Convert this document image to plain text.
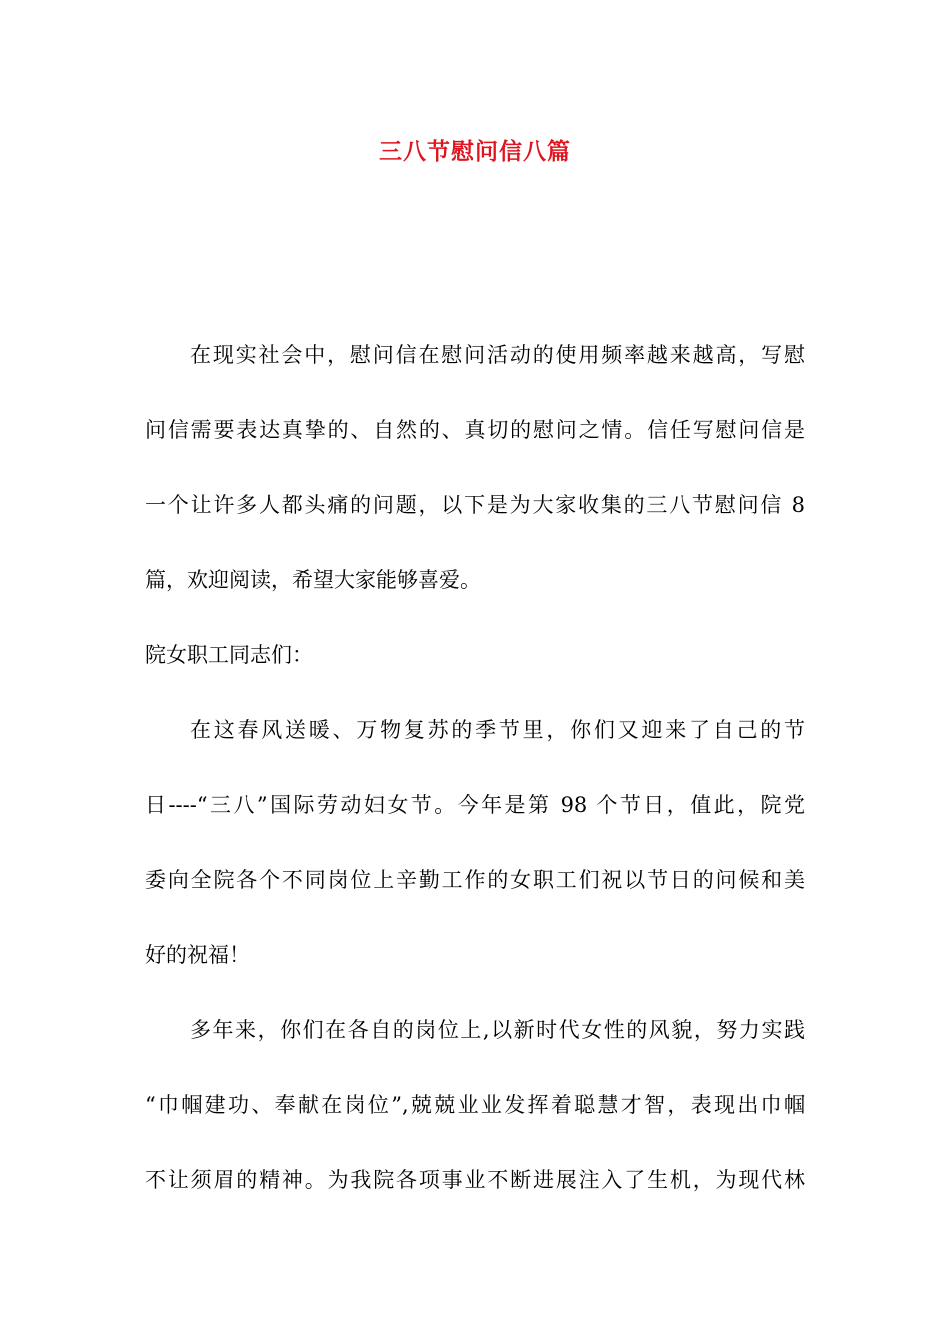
三八节慰问信八篇
在现实社会中，慰问信在慰问活动的使用频率越来越高，写慰
问信需要表达真挚的、自然的、真切的慰问之情。信任写慰问信是
一个让许多人都头痛的问题，以下是为大家收集的三八节慰问信 8
篇，欢迎阅读，希望大家能够喜爱。
院女职工同志们：
在这春风送暖、万物复苏的季节里，你们又迎来了自己的节
日----“三八”国际劳动妇女节。今年是第 98 个节日，值此，院党
委向全院各个不同岗位上辛勤工作的女职工们祝以节日的问候和美
好的祝福！
多年来，你们在各自的岗位上,以新时代女性的风貌，努力实践
“巾帼建功、奉献在岗位”,兢兢业业发挥着聪慧才智，表现出巾帼
不让须眉的精神。为我院各项事业不断进展注入了生机，为现代林
